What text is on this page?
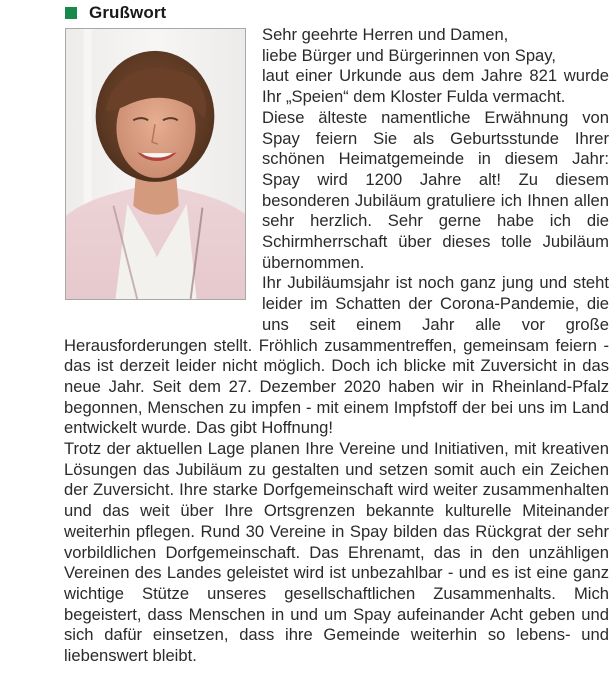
Grußwort

Sehr geehrte Herren und Damen,

liebe Bürger und Bürgerinnen von Spay,

laut einer Urkunde aus dem Jahre 821 wurde Ihr „Speien“ dem Kloster Fulda vermacht.

Diese älteste namentliche Erwähnung von Spay feiern Sie als Geburtsstunde Ihrer schönen Heimatgemeinde in diesem Jahr: Spay wird 1200 Jahre alt! Zu diesem besonderen Jubiläum gratuliere ich Ihnen allen sehr herzlich. Sehr gerne habe ich die Schirmherrschaft über dieses tolle Jubiläum übernommen.

Ihr Jubiläumsjahr ist noch ganz jung und steht leider im Schatten der Corona-Pandemie, die uns seit einem Jahr alle vor große Herausforderungen stellt. Fröhlich zusammentreffen, gemeinsam feiern - das ist derzeit leider nicht möglich. Doch ich blicke mit Zuversicht in das neue Jahr. Seit dem 27. Dezember 2020 haben wir in Rheinland-Pfalz begonnen, Menschen zu impfen - mit einem Impfstoff der bei uns im Land entwickelt wurde. Das gibt Hoffnung!

Trotz der aktuellen Lage planen Ihre Vereine und Initiativen, mit kreativen Lösungen das Jubiläum zu gestalten und setzen somit auch ein Zeichen der Zuversicht. Ihre starke Dorfgemeinschaft wird weiter zusammenhalten und das weit über Ihre Ortsgrenzen bekannte kulturelle Miteinander weiterhin pflegen. Rund 30 Vereine in Spay bilden das Rückgrat der sehr vorbildlichen Dorfgemeinschaft. Das Ehrenamt, das in den unzähligen Vereinen des Landes geleistet wird ist unbezahlbar - und es ist eine ganz wichtige Stütze unseres gesellschaftlichen Zusammenhalts. Mich begeistert, dass Menschen in und um Spay aufeinander Acht geben und sich dafür einsetzen, dass ihre Gemeinde weiterhin so lebens- und liebenswert bleibt.
